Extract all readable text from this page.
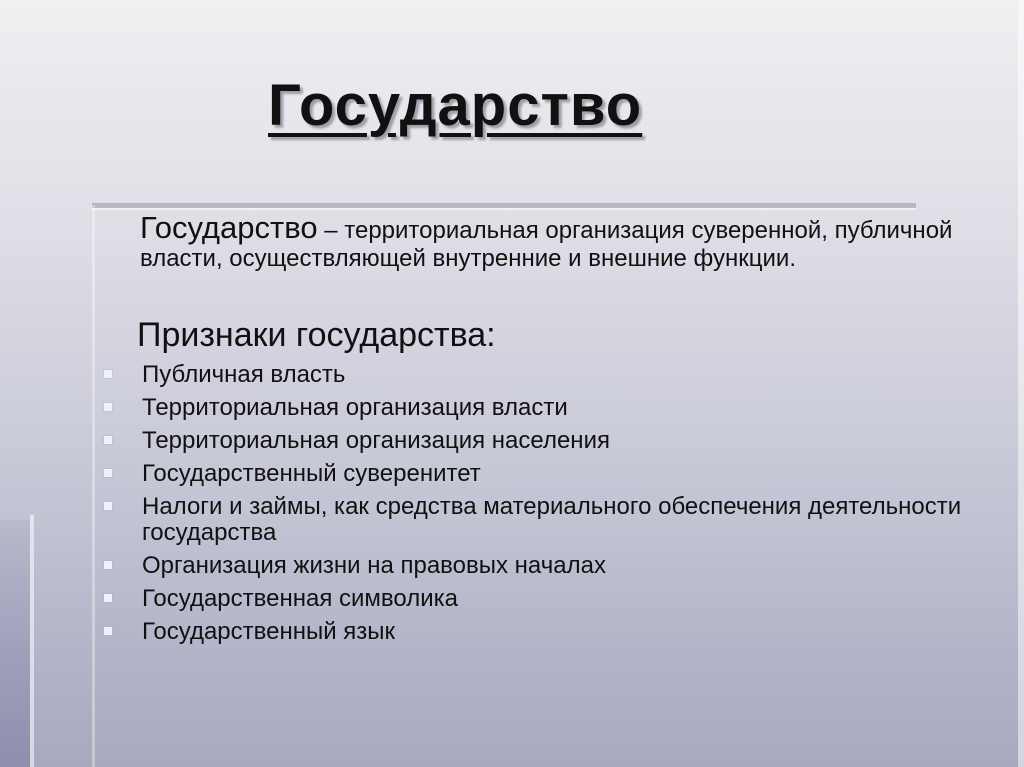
Государство
Государство – территориальная организация суверенной, публичной власти, осуществляющей внутренние и внешние функции.
Признаки государства:
Публичная власть
Территориальная организация власти
Территориальная организация населения
Государственный суверенитет
Налоги и займы, как средства материального обеспечения деятельности государства
Организация жизни на правовых началах
Государственная символика
Государственный язык
